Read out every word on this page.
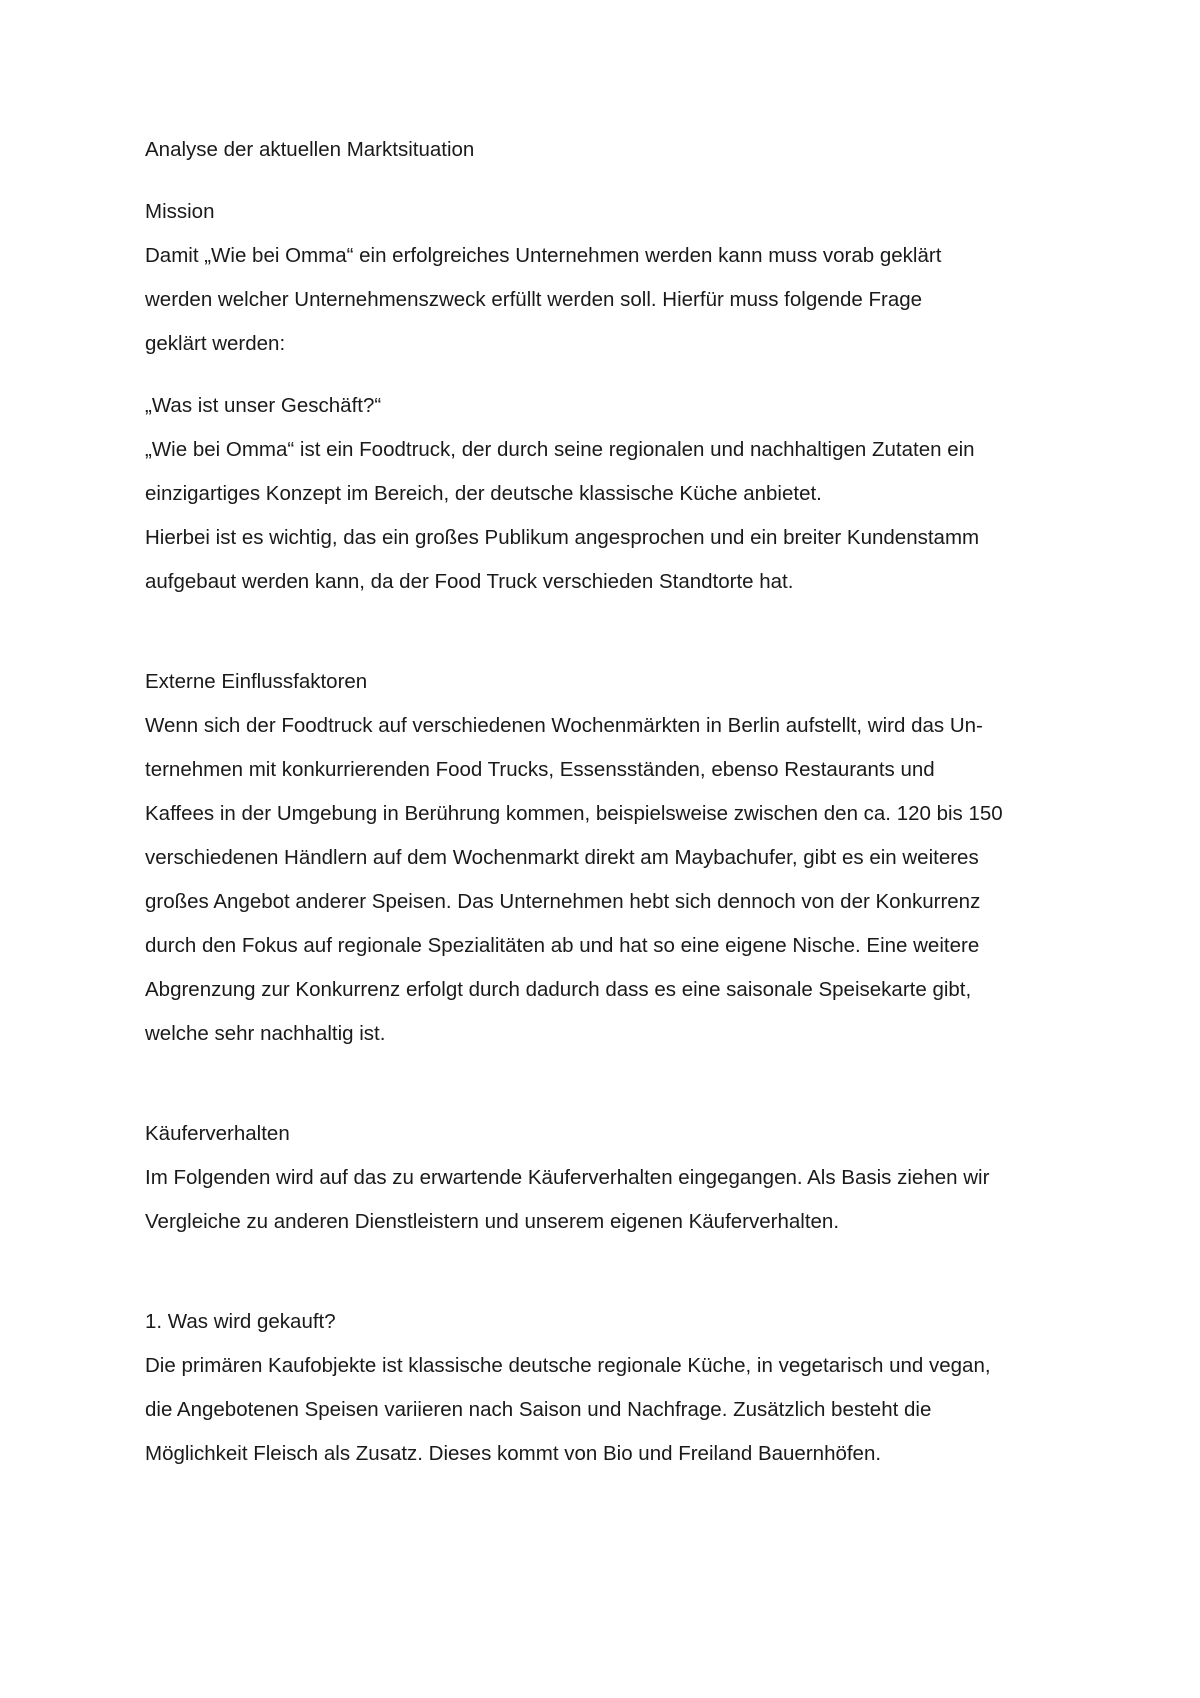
Analyse der aktuellen Marktsituation
Mission
Damit „Wie bei Omma“ ein erfolgreiches Unternehmen werden kann muss vorab geklärt
werden welcher Unternehmenszweck erfüllt werden soll. Hierfür muss folgende Frage
geklärt werden:
„Was ist unser Geschäft?“
„Wie bei Omma“ ist ein Foodtruck, der durch seine regionalen und nachhaltigen Zutaten ein
einzigartiges Konzept im Bereich, der deutsche klassische Küche anbietet.
Hierbei ist es wichtig, das ein großes Publikum angesprochen und ein breiter Kundenstamm
aufgebaut werden kann, da der Food Truck verschieden Standtorte hat.
Externe Einflussfaktoren
Wenn sich der Foodtruck auf verschiedenen Wochenmärkten in Berlin aufstellt, wird das Un-
ternehmen mit konkurrierenden Food Trucks, Essensständen, ebenso Restaurants und
Kaffees in der Umgebung in Berührung kommen, beispielsweise zwischen den ca. 120 bis 150
verschiedenen Händlern auf dem Wochenmarkt direkt am Maybachufer, gibt es ein weiteres
großes Angebot anderer Speisen. Das Unternehmen hebt sich dennoch von der Konkurrenz
durch den Fokus auf regionale Spezialitäten ab und hat so eine eigene Nische. Eine weitere
Abgrenzung zur Konkurrenz erfolgt durch dadurch dass es eine saisonale Speisekarte gibt,
welche sehr nachhaltig ist.
Käuferverhalten
Im Folgenden wird auf das zu erwartende Käuferverhalten eingegangen. Als Basis ziehen wir
Vergleiche zu anderen Dienstleistern und unserem eigenen Käuferverhalten.
1. Was wird gekauft?
Die primären Kaufobjekte ist klassische deutsche regionale Küche, in vegetarisch und vegan,
die Angebotenen Speisen variieren nach Saison und Nachfrage. Zusätzlich besteht die
Möglichkeit Fleisch als Zusatz. Dieses kommt von Bio und Freiland Bauernhöfen.
